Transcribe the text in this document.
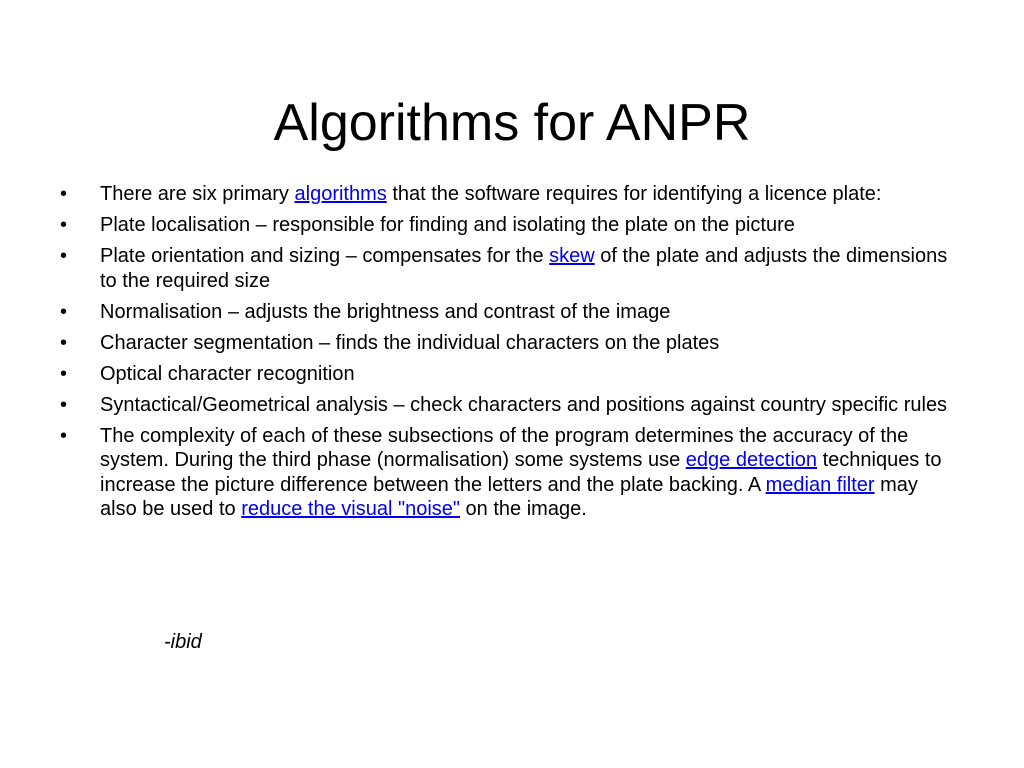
Algorithms for ANPR
• There are six primary algorithms that the software requires for identifying a licence plate:
• Plate localisation – responsible for finding and isolating the plate on the picture
• Plate orientation and sizing – compensates for the skew of the plate and adjusts the dimensions to the required size
• Normalisation – adjusts the brightness and contrast of the image
• Character segmentation – finds the individual characters on the plates
• Optical character recognition
• Syntactical/Geometrical analysis – check characters and positions against country specific rules
• The complexity of each of these subsections of the program determines the accuracy of the system. During the third phase (normalisation) some systems use edge detection techniques to increase the picture difference between the letters and the plate backing. A median filter may also be used to reduce the visual "noise" on the image.
-ibid
